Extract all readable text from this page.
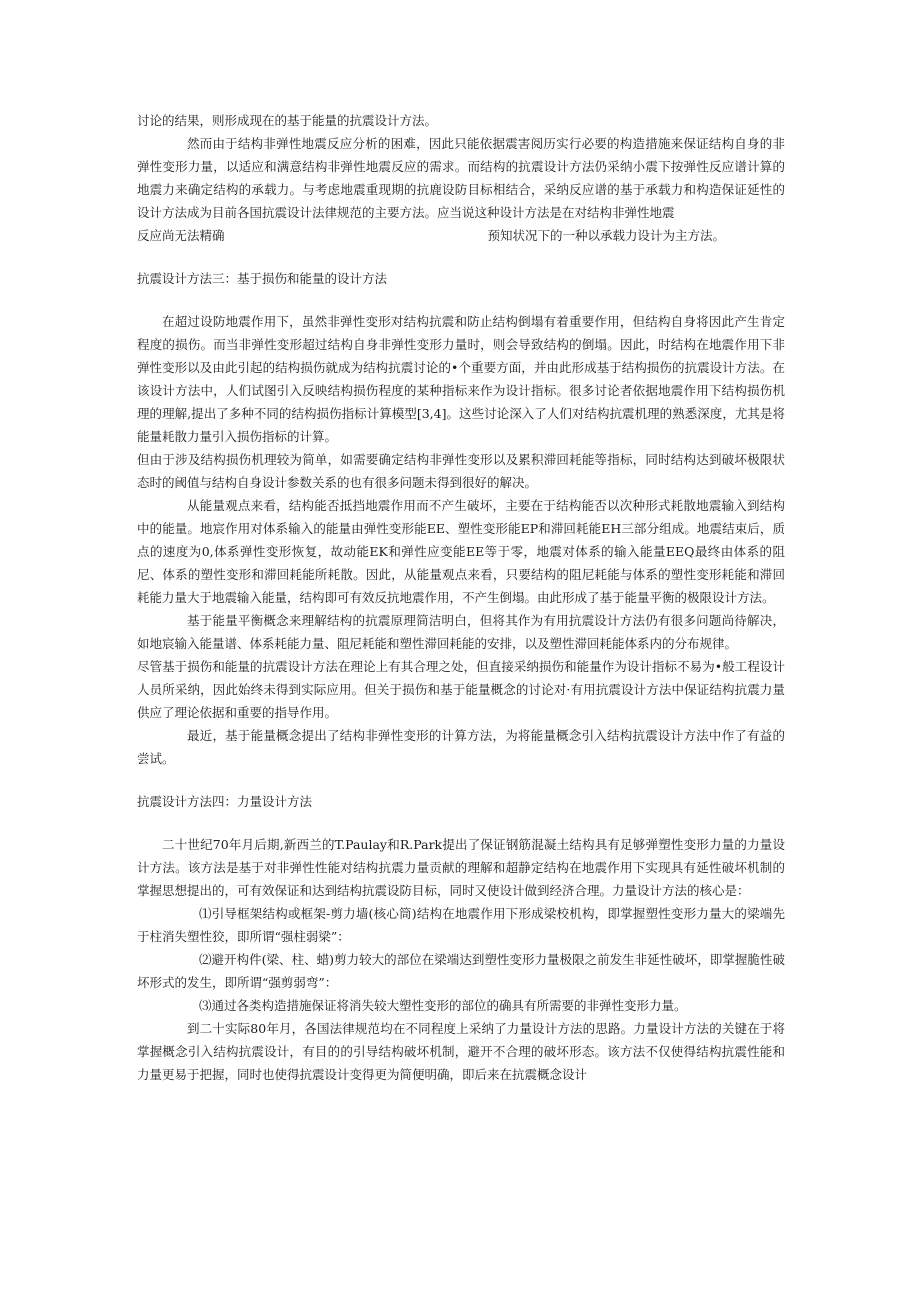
讨论的结果，则形成现在的基于能量的抗震设计方法。

然而由于结构非弹性地震反应分析的困难，因此只能依据震害阅历实行必要的构造措施来保证结构自身的非弹性变形力量，以适应和满意结构非弹性地震反应的需求。而结构的抗震设计方法仍采纳小震下按弹性反应谱计算的地震力来确定结构的承载力。与考虑地震重现期的抗鹿设防目标相结合，采纳反应谱的基于承载力和构造保证延性的设计方法成为目前各国抗震设计法律规范的主要方法。应当说这种设计方法是在对结构非弹性地震

反应尚无法精确	预知状况下的一种以承载力设计为主方法。
抗震设计方法三：基于损伤和能量的设计方法

在超过设防地震作用下，虽然非弹性变形对结构抗震和防止结构倒塌有着重要作用，但结构自身将因此产生肯定程度的损伤。而当非弹性变形超过结构自身非弹性变形力量时，则会导致结构的倒塌。因此，时结构在地震作用下非弹性变形以及由此引起的结构损伤就成为结构抗震讨论的•个重要方面，并由此形成基于结构损伤的抗震设计方法。在该设计方法中，人们试图引入反映结构损伤程度的某种指标来作为设计指标。很多讨论者依据地震作用下结构损伤机理的理解,提出了多种不同的结构损伤指标计算模型[3,4]。这些讨论深入了人们对结构抗震机理的熟悉深度，尤其是将能量耗散力量引入损伤指标的计算。

但由于涉及结构损伤机理较为简单，如需要确定结构非弹性变形以及累积滞回耗能等指标，同时结构达到破坏极限状态时的阈值与结构自身设计参数关系的也有很多问题未得到很好的解决。

从能量观点来看，结构能否抵挡地震作用而不产生破坏，主要在于结构能否以次种形式耗散地震输入到结构中的能量。地宸作用对体系输入的能量由弹性变形能EE、塑性变形能EP和滞回耗能EH三部分组成。地震结束后，质点的速度为0,体系弹性变形恢复，故动能EK和弹性应变能EE等于零，地震对体系的输入能量EEQ最终由体系的阻尼、体系的塑性变形和滞回耗能所耗散。因此，从能量观点来看，只要结构的阻尼耗能与体系的塑性变形耗能和滞回耗能力量大于地震输入能量，结构即可有效反抗地震作用，不产生倒塌。由此形成了基于能量平衡的极限设计方法。

基于能量平衡概念来理解结构的抗震原理简洁明白，但将其作为有用抗震设计方法仍有很多问题尚待解决，如地宸输入能量谱、体系耗能力量、阻尼耗能和塑性滞回耗能的安排，以及塑性滞回耗能体系内的分布规律。

尽管基于损伤和能量的抗震设计方法在理论上有其合理之处，但直接采纳损伤和能量作为设计指标不易为•般工程设计人员所采纳，因此始终未得到实际应用。但关于损伤和基于能量概念的讨论对·有用抗震设计方法中保证结构抗震力量供应了理论依据和重要的指导作用。

最近，基于能量概念提出了结构非弹性变形的计算方法，为将能量概念引入结构抗震设计方法中作了有益的尝试。

抗震设计方法四：力量设计方法

二十世纪70年月后期,新西兰的T.Paulay和R.Park提出了保证钢筋混凝土结构具有足够弹塑性变形力量的力量设计方法。该方法是基于对非弹性性能对结构抗震力量贡献的理解和超静定结构在地震作用下实现具有延性破坏机制的掌握思想提出的，可有效保证和达到结构抗震设防目标，同时又使设计做到经济合理。力量设计方法的核心是：

⑴引导框架结构或框架-剪力墙(核心筒)结构在地震作用下形成梁校机构，即掌握塑性变形力量大的梁端先于柱消失塑性狡，即所谓“强柱弱梁”：

⑵避开构件(梁、柱、蜡)剪力较大的部位在梁端达到塑性变形力量极限之前发生非延性破坏，即掌握脆性破坏形式的发生，即所谓“强剪弱弯”：

⑶通过各类构造措施保证将消失较大塑性变形的部位的确具有所需要的非弹性变形力量。

到二十实际80年月，各国法律规范均在不同程度上采纳了力量设计方法的思路。力量设计方法的关键在于将掌握概念引入结构抗震设计，有目的的引导结构破坏机制，避开不合理的破坏形态。该方法不仅使得结构抗震性能和力量更易于把握，同时也使得抗震设计变得更为简便明确，即后来在抗震概念设计
